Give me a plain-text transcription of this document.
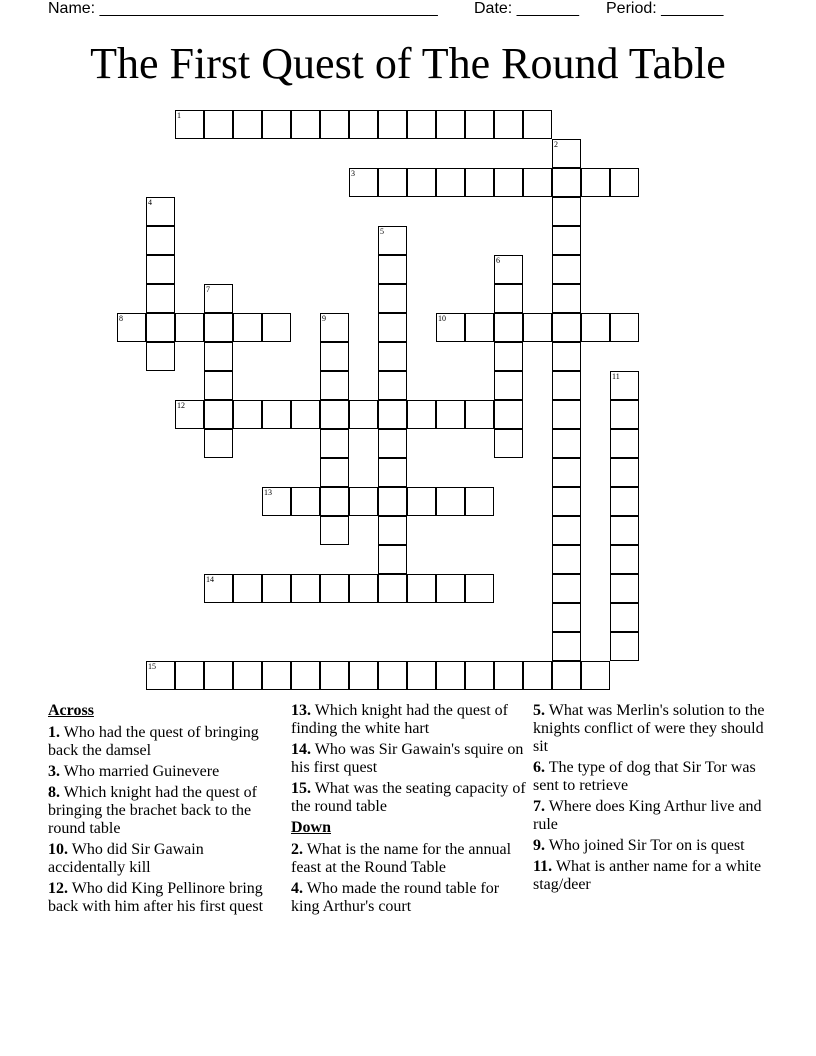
Name: ______________________________________ Date: _______ Period: _______
The First Quest of The Round Table
1
2
3
4
5
6
7
8	9	10
11
12
13
14
15
Across
1. Who had the quest of bringing back the damsel
3. Who married Guinevere
8. Which knight had the quest of bringing the brachet back to the round table
10. Who did Sir Gawain accidentally kill
12. Who did King Pellinore bring back with him after his first quest
13. Which knight had the quest of finding the white hart
14. Who was Sir Gawain's squire on his first quest
15. What was the seating capacity of the round table
Down
2. What is the name for the annual feast at the Round Table
4. Who made the round table for king Arthur's court
5. What was Merlin's solution to the knights conflict of were they should sit
6. The type of dog that Sir Tor was sent to retrieve
7. Where does King Arthur live and rule
9. Who joined Sir Tor on is quest
11. What is anther name for a white stag/deer
